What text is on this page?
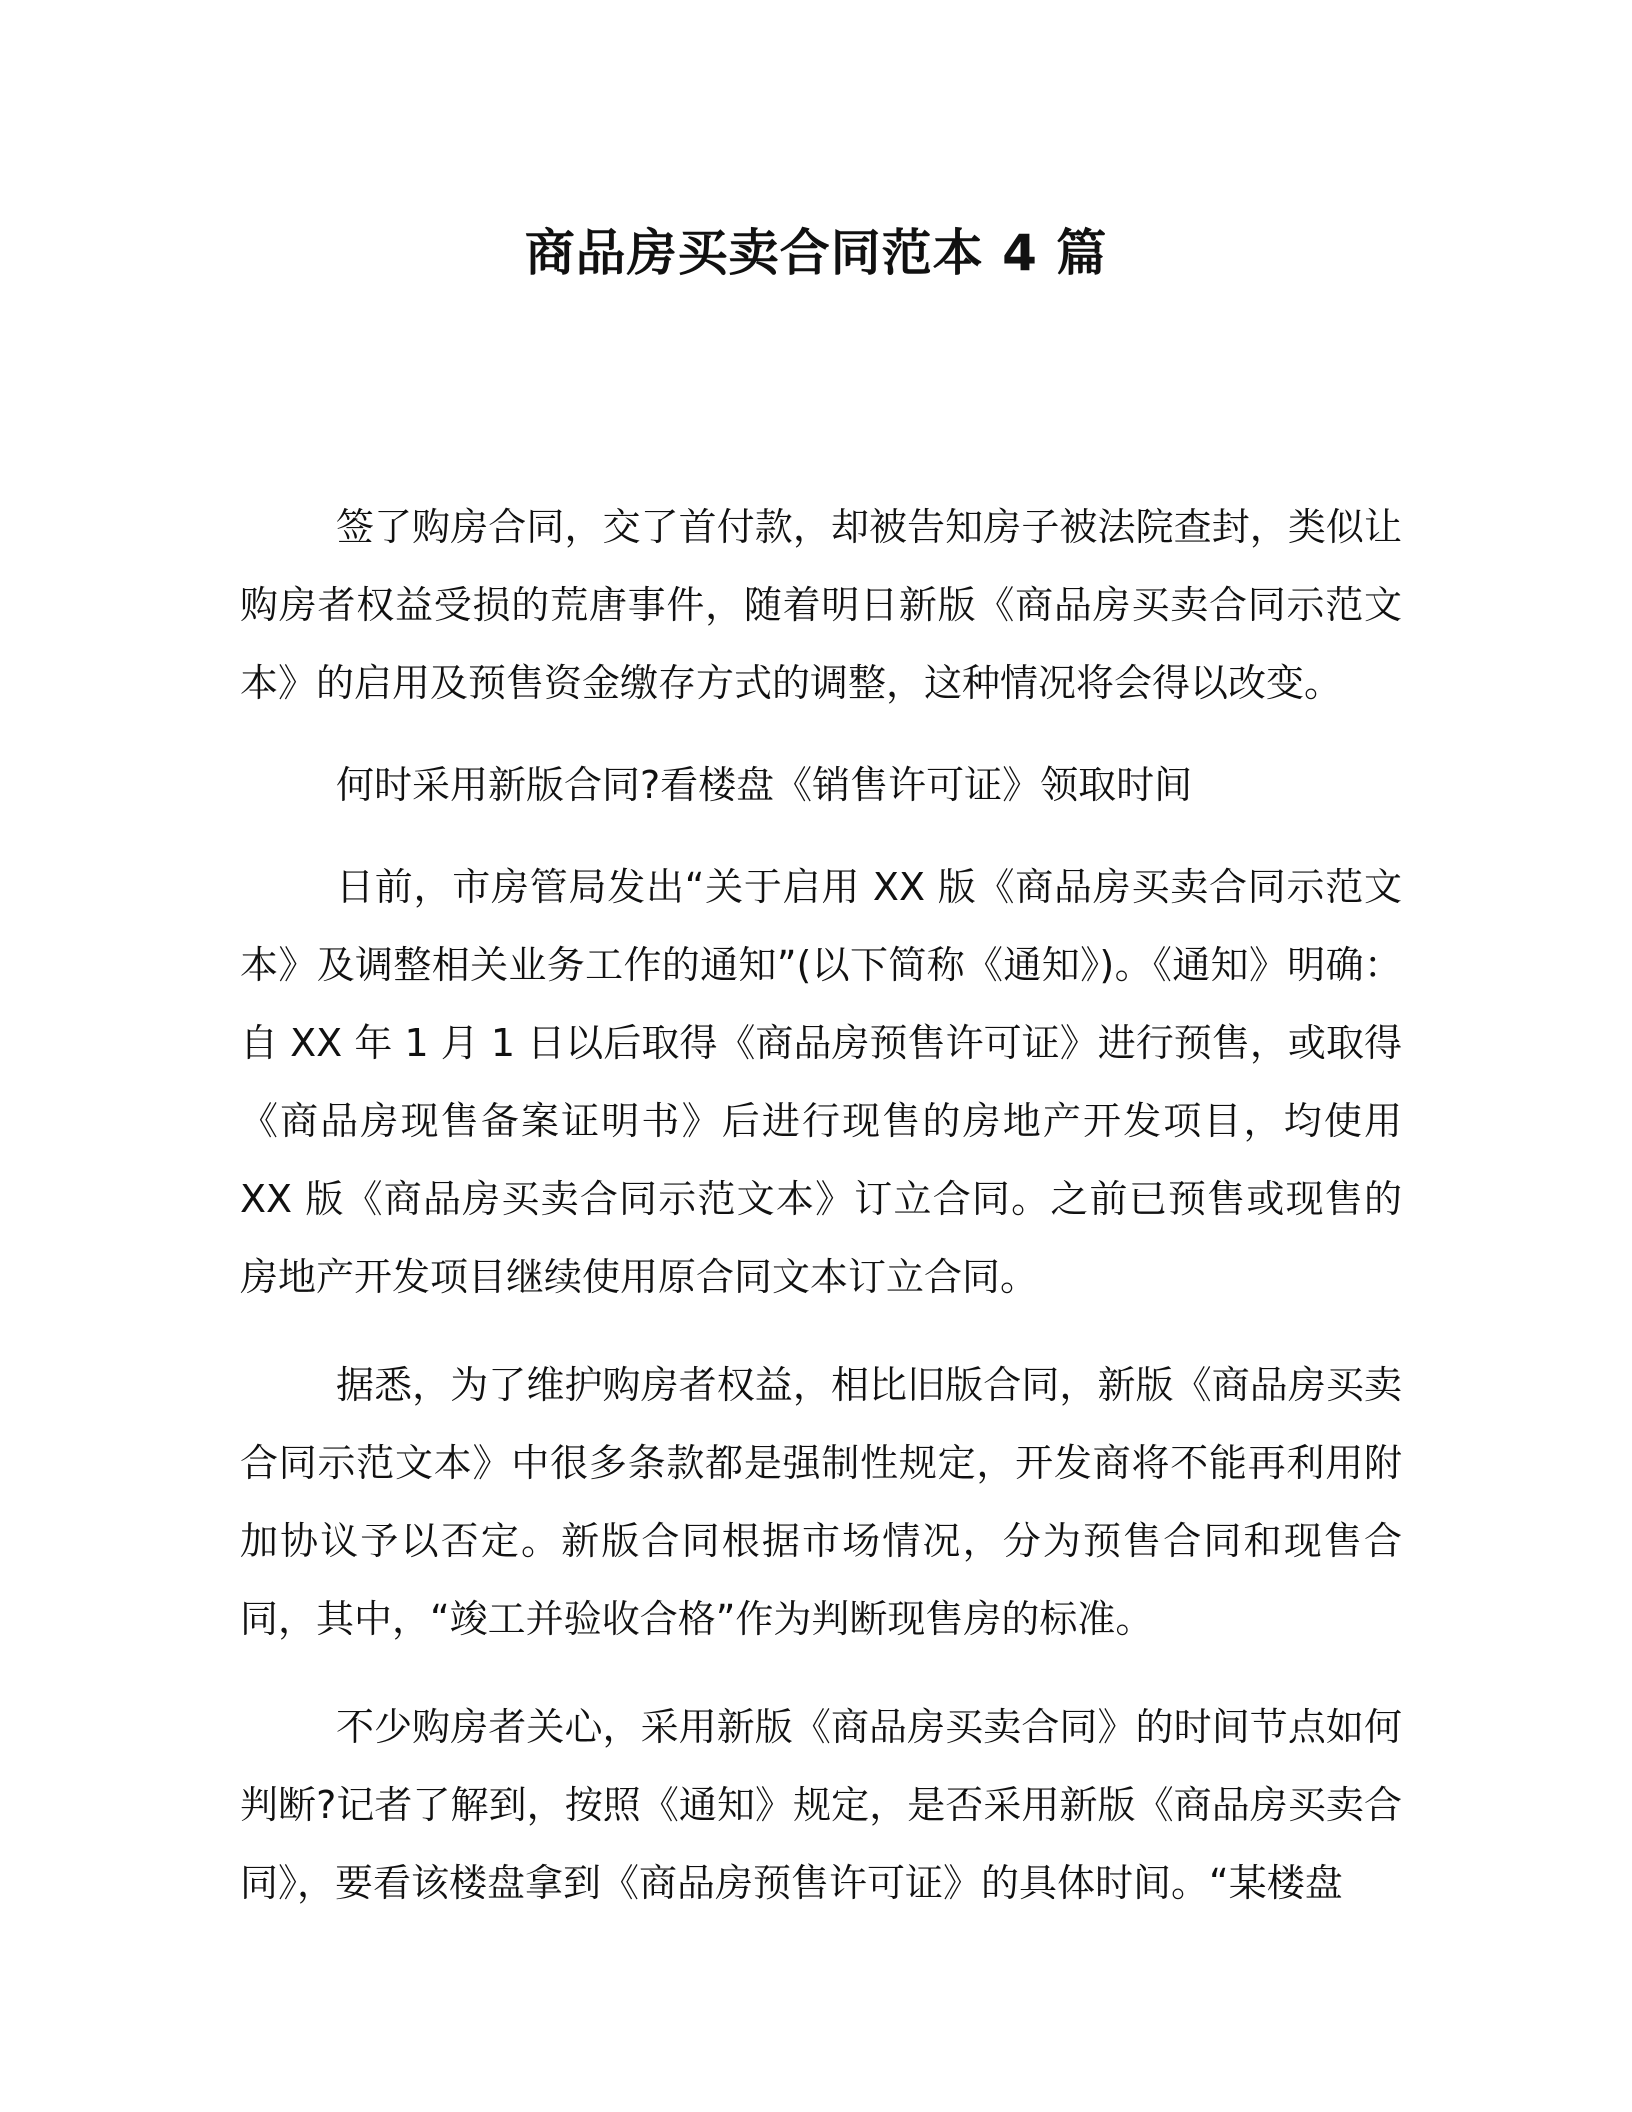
商品房买卖合同范本 4 篇

签了购房合同，交了首付款，却被告知房子被法院查封，类似让购房者权益受损的荒唐事件，随着明日新版《商品房买卖合同示范文本》的启用及预售资金缴存方式的调整，这种情况将会得以改变。

何时采用新版合同?看楼盘《销售许可证》领取时间

日前，市房管局发出“关于启用 XX 版《商品房买卖合同示范文本》及调整相关业务工作的通知”(以下简称《通知》)。《通知》明确：自 XX 年 1 月 1 日以后取得《商品房预售许可证》进行预售，或取得《商品房现售备案证明书》后进行现售的房地产开发项目，均使用 XX 版《商品房买卖合同示范文本》订立合同。之前已预售或现售的房地产开发项目继续使用原合同文本订立合同。

据悉，为了维护购房者权益，相比旧版合同，新版《商品房买卖合同示范文本》中很多条款都是强制性规定，开发商将不能再利用附加协议予以否定。新版合同根据市场情况，分为预售合同和现售合同，其中，“竣工并验收合格”作为判断现售房的标准。

不少购房者关心，采用新版《商品房买卖合同》的时间节点如何判断?记者了解到，按照《通知》规定，是否采用新版《商品房买卖合同》，要看该楼盘拿到《商品房预售许可证》的具体时间。“某楼盘
